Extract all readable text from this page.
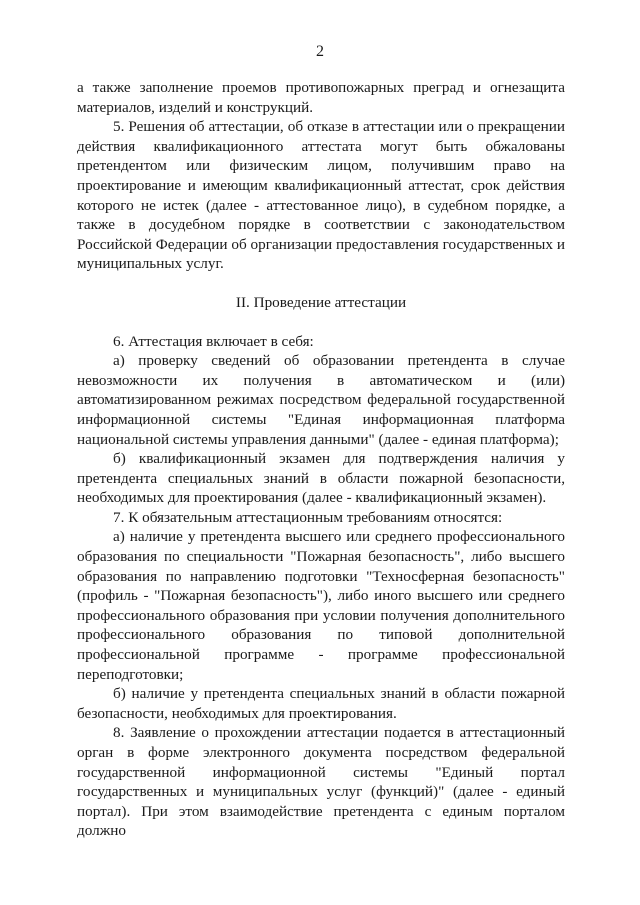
2

а также заполнение проемов противопожарных преград и огнезащита материалов, изделий и конструкций.

5. Решения об аттестации, об отказе в аттестации или о прекращении действия квалификационного аттестата могут быть обжалованы претендентом или физическим лицом, получившим право на проектирование и имеющим квалификационный аттестат, срок действия которого не истек (далее - аттестованное лицо), в судебном порядке, а также в досудебном порядке в соответствии с законодательством Российской Федерации об организации предоставления государственных и муниципальных услуг.

II. Проведение аттестации

6. Аттестация включает в себя:

а) проверку сведений об образовании претендента в случае невозможности их получения в автоматическом и (или) автоматизированном режимах посредством федеральной государственной информационной системы "Единая информационная платформа национальной системы управления данными" (далее - единая платформа);

б) квалификационный экзамен для подтверждения наличия у претендента специальных знаний в области пожарной безопасности, необходимых для проектирования (далее - квалификационный экзамен).

7. К обязательным аттестационным требованиям относятся:

а) наличие у претендента высшего или среднего профессионального образования по специальности "Пожарная безопасность", либо высшего образования по направлению подготовки "Техносферная безопасность" (профиль - "Пожарная безопасность"), либо иного высшего или среднего профессионального образования при условии получения дополнительного профессионального образования по типовой дополнительной профессиональной программе - программе профессиональной переподготовки;

б) наличие у претендента специальных знаний в области пожарной безопасности, необходимых для проектирования.

8. Заявление о прохождении аттестации подается в аттестационный орган в форме электронного документа посредством федеральной государственной информационной системы "Единый портал государственных и муниципальных услуг (функций)" (далее - единый портал). При этом взаимодействие претендента с единым порталом должно
